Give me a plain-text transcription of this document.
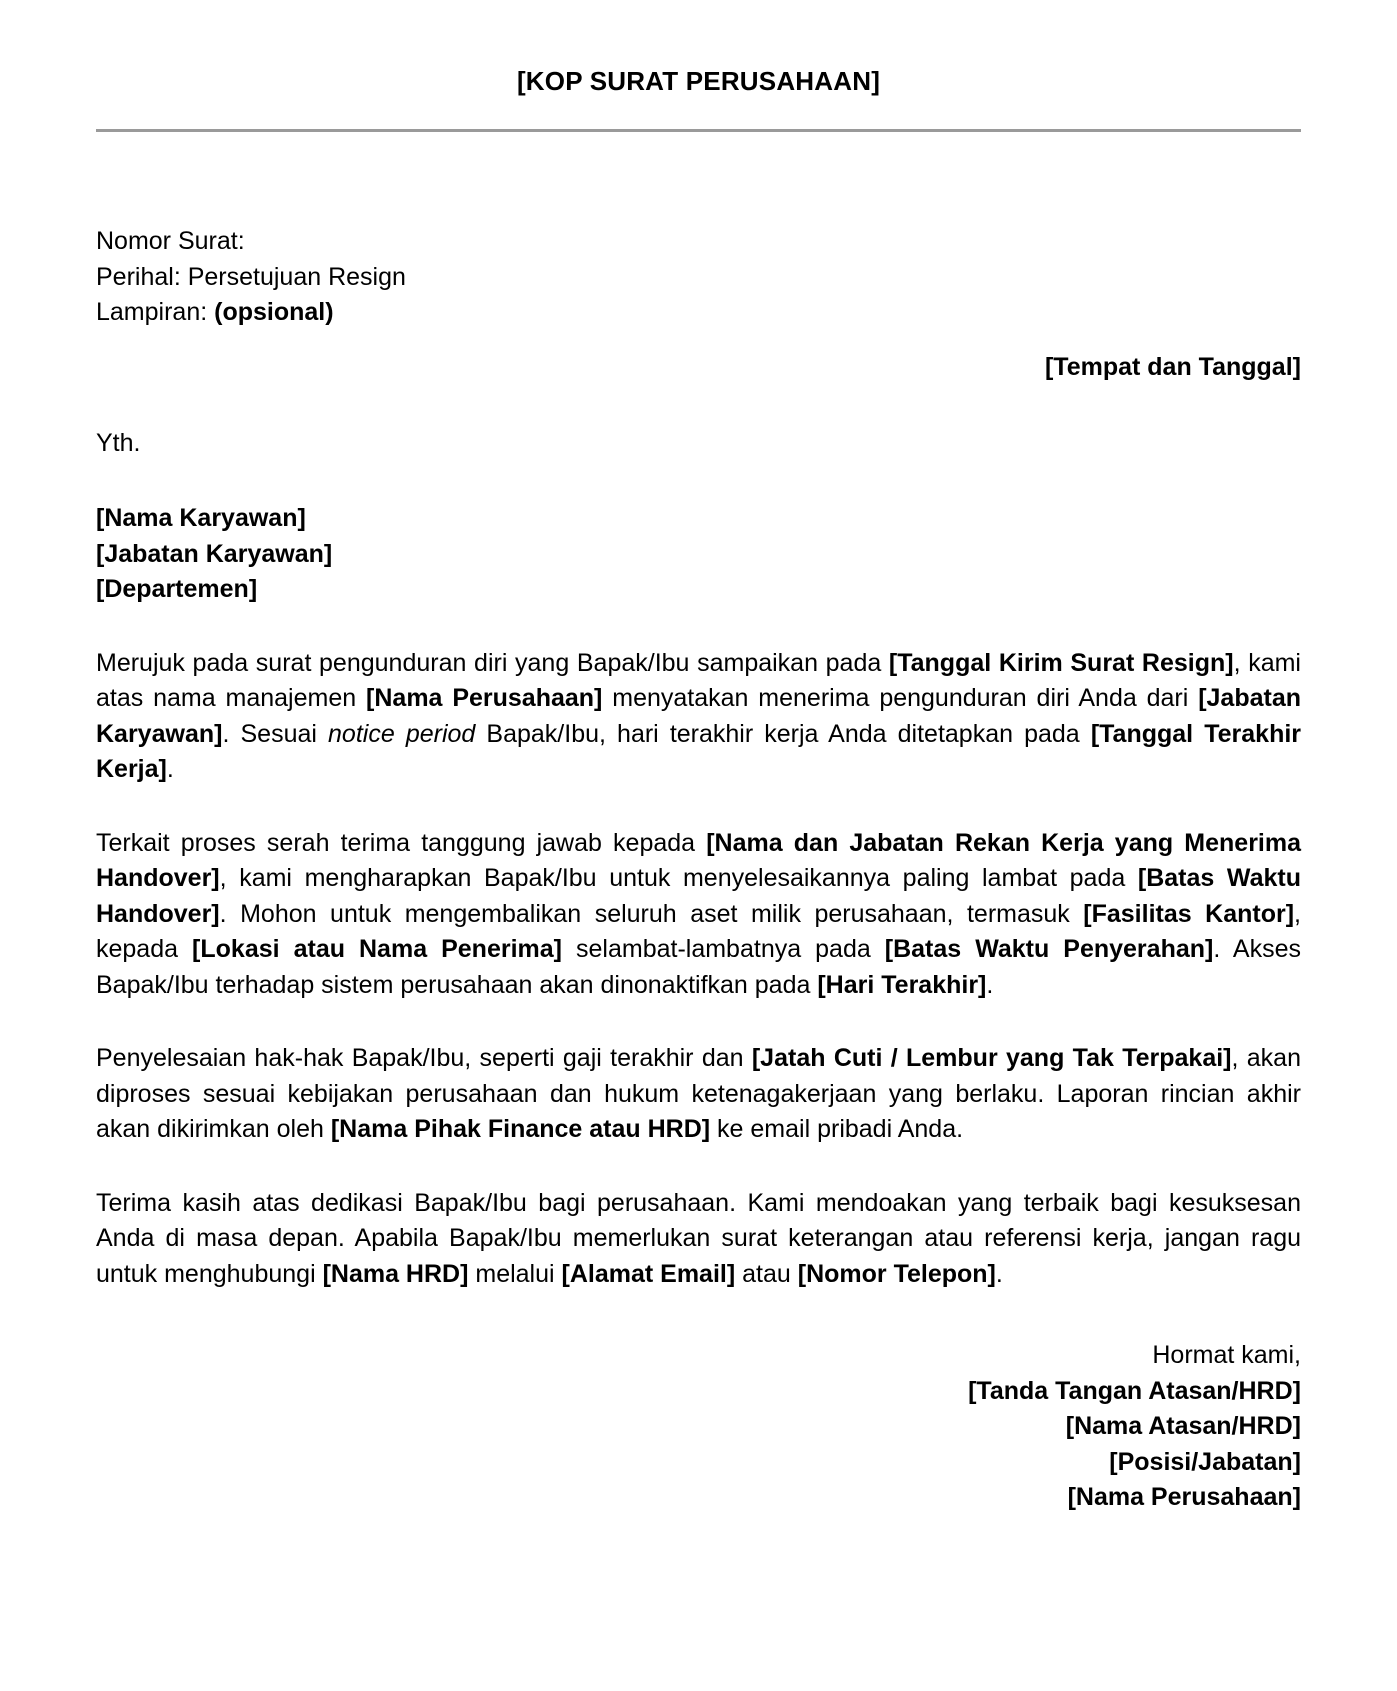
[KOP SURAT PERUSAHAAN]
Nomor Surat:
Perihal: Persetujuan Resign
Lampiran: (opsional)
[Tempat dan Tanggal]
Yth.
[Nama Karyawan]
[Jabatan Karyawan]
[Departemen]

Merujuk pada surat pengunduran diri yang Bapak/Ibu sampaikan pada [Tanggal Kirim Surat Resign], kami atas nama manajemen [Nama Perusahaan] menyatakan menerima pengunduran diri Anda dari [Jabatan Karyawan]. Sesuai notice period Bapak/Ibu, hari terakhir kerja Anda ditetapkan pada [Tanggal Terakhir Kerja].

Terkait proses serah terima tanggung jawab kepada [Nama dan Jabatan Rekan Kerja yang Menerima Handover], kami mengharapkan Bapak/Ibu untuk menyelesaikannya paling lambat pada [Batas Waktu Handover]. Mohon untuk mengembalikan seluruh aset milik perusahaan, termasuk [Fasilitas Kantor], kepada [Lokasi atau Nama Penerima] selambat-lambatnya pada [Batas Waktu Penyerahan]. Akses Bapak/Ibu terhadap sistem perusahaan akan dinonaktifkan pada [Hari Terakhir].

Penyelesaian hak-hak Bapak/Ibu, seperti gaji terakhir dan [Jatah Cuti / Lembur yang Tak Terpakai], akan diproses sesuai kebijakan perusahaan dan hukum ketenagakerjaan yang berlaku. Laporan rincian akhir akan dikirimkan oleh [Nama Pihak Finance atau HRD] ke email pribadi Anda.

Terima kasih atas dedikasi Bapak/Ibu bagi perusahaan. Kami mendoakan yang terbaik bagi kesuksesan Anda di masa depan. Apabila Bapak/Ibu memerlukan surat keterangan atau referensi kerja, jangan ragu untuk menghubungi [Nama HRD] melalui [Alamat Email] atau [Nomor Telepon].

Hormat kami,
[Tanda Tangan Atasan/HRD]
[Nama Atasan/HRD]
[Posisi/Jabatan]
[Nama Perusahaan]
